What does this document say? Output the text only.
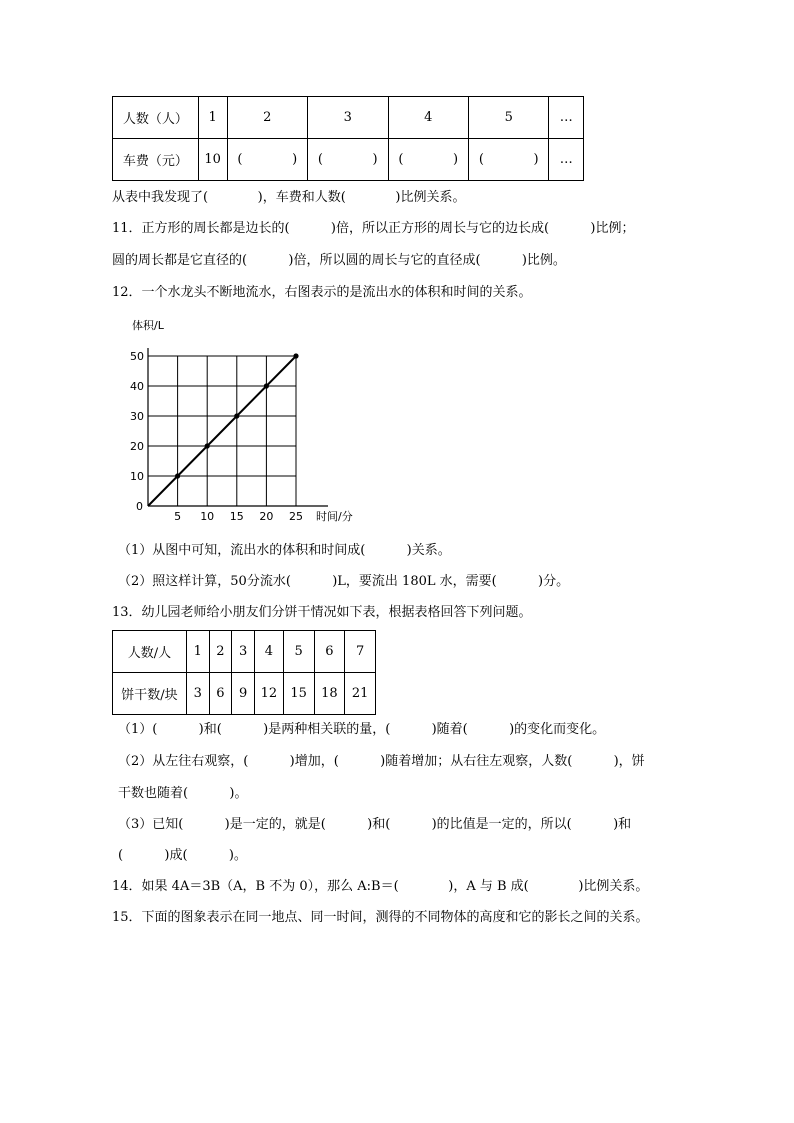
人数（人）	1	2	3	4	5	…
车费（元）	10	(            )	(            )	(            )	(            )	…
从表中我发现了(            )，车费和人数(            )比例关系。
11．正方形的周长都是边长的(          )倍，所以正方形的周长与它的边长成(          )比例；
圆的周长都是它直径的(          )倍，所以圆的周长与它的直径成(          )比例。
12．一个水龙头不断地流水，右图表示的是流出水的体积和时间的关系。
体积/L
时间/分
0
5 10 15 20 25
10
20
30
40
50
（1）从图中可知，流出水的体积和时间成(          )关系。
（2）照这样计算，50分流水(          )L，要流出 180L 水，需要(          )分。
13．幼儿园老师给小朋友们分饼干情况如下表，根据表格回答下列问题。
人数/人	1	2	3	4	5	6	7
饼干数/块	3	6	9	12	15	18	21
（1）(          )和(          )是两种相关联的量，(          )随着(          )的变化而变化。
（2）从左往右观察，(          )增加，(          )随着增加；从右往左观察，人数(          )，饼
干数也随着(          )。
（3）已知(          )是一定的，就是(          )和(          )的比值是一定的，所以(          )和
(          )成(          )。
14．如果 4A＝3B（A，B 不为 0），那么 A:B＝(            )，A 与 B 成(            )比例关系。
15．下面的图象表示在同一地点、同一时间，测得的不同物体的高度和它的影长之间的关系。
